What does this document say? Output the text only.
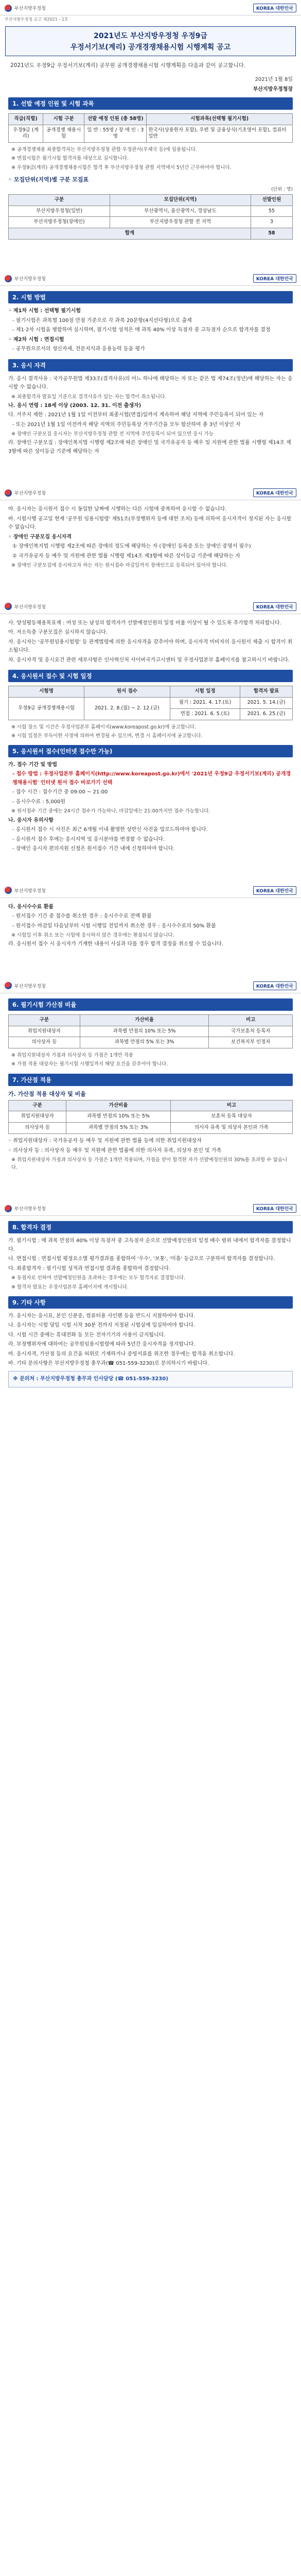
부산지방우정청	KOREA 대한민국
부산지방우정청 공고 제2021 - 1호
2021년도 부산지방우정청 우정9급
우정서기보(계리) 공개경쟁채용시험 시행계획 공고

2021년도 우정9급 우정서기보(계리) 공무원 공개경쟁채용시험 시행계획을 다음과 같이 공고합니다.

2021년 1월 8일
부산지방우정청장
1. 선발 예정 인원 및 시험 과목
직급(직렬)	시험 구분	선발 예정 인원 (총 58명)	시험과목(선택형 필기시험)
우정9급 (계리)	공개경쟁 채용시험	일 반 : 55명 / 장 애 인 : 3명	한국사(상용한자 포함), 우편 및 금융상식(기초영어 포함), 컴퓨터 일반
※ 공개경쟁채용 최종합격자는 부산지방우정청 관할 우정관서(우체국 등)에 임용됩니다.
※ 면접시험은 필기시험 합격자를 대상으로 실시합니다.
※ 우정9급(계리) 공개경쟁채용시험은 합격 후 부산지방우정청 관할 지역에서 5년간 근무하여야 합니다.
◦ 모집단위(지역)별 구분 모집표
(단위 : 명)
구분	모집단위(지역)	선발인원
부산지방우정청(일반)	부산광역시, 울산광역시, 경상남도	55
부산지방우정청(장애인)	부산지방우정청 관할 전 지역	3
합계		58
부산지방우정청	KOREA 대한민국
2. 시험 방법

◦ 제1차 시험 : 선택형 필기시험

- 필기시험은 과목별 100점 만점 기준으로 각 과목 20문항(4지선다형)으로 출제

- 제1·2차 시험을 병합하여 실시하며, 필기시험 성적은 매 과목 40% 이상 득점자 중 고득점자 순으로 합격자를 결정

◦ 제2차 시험 : 면접시험

- 공무원으로서의 정신자세, 전문지식과 응용능력 등을 평가

3. 응시 자격

가. 응시 결격사유 : 국가공무원법 제33조(결격사유)의 어느 하나에 해당하는 자 또는 같은 법 제74조(정년)에 해당하는 자는 응시할 수 없습니다.

※ 최종합격자 발표일 기준으로 결격사유가 있는 자는 합격이 취소됩니다.

나. 응시 연령 : 18세 이상 (2003. 12. 31. 이전 출생자)

다. 거주지 제한 : 2021년 1월 1일 이전부터 최종시험(면접)일까지 계속하여 해당 지역에 주민등록이 되어 있는 자

- 또는 2021년 1월 1일 이전까지 해당 지역의 주민등록상 거주기간을 모두 합산하여 총 3년 이상인 자

※ 장애인 구분모집 응시자는 부산지방우정청 관할 전 지역에 주민등록이 되어 있으면 응시 가능

라. 장애인 구분모집 : 장애인복지법 시행령 제2조에 따른 장애인 및 국가유공자 등 예우 및 지원에 관한 법률 시행령 제14조 제3항에 따른 상이등급 기준에 해당하는 자

부산지방우정청	KOREA 대한민국

마. 응시자는 응시원서 접수 시 동일한 날짜에 시행하는 다른 시험에 중복하여 응시할 수 없습니다.

바. 시험시행 공고일 현재 '공무원 임용시험령' 제51조(부정행위자 등에 대한 조치) 등에 의하여 응시자격이 정지된 자는 응시할 수 없습니다.

◦ 장애인 구분모집 응시자격

① 장애인복지법 시행령 제2조에 따른 장애의 정도에 해당하는 자 (장애인 등록증 또는 장애인 증명서 필수)

② 국가유공자 등 예우 및 지원에 관한 법률 시행령 제14조 제3항에 따른 상이등급 기준에 해당하는 자

※ 장애인 구분모집에 응시하고자 하는 자는 원서접수 마감일까지 장애인으로 등록되어 있어야 합니다.

부산지방우정청	KOREA 대한민국

사. 양성평등채용목표제 : 여성 또는 남성의 합격자가 선발예정인원의 일정 비율 이상이 될 수 있도록 추가합격 처리합니다.

아. 저소득층 구분모집은 실시하지 않습니다.

자. 응시자는 '공무원임용시험령' 등 관계법령에 의한 응시자격을 갖추어야 하며, 응시자격 미비자의 응시원서 제출 시 합격이 취소됩니다.

차. 응시자격 및 응시요건 관련 세부사항은 인사혁신처 사이버국가고시센터 및 우정사업본부 홈페이지를 참고하시기 바랍니다.

4. 응시원서 접수 및 시험 일정
시험명	원서 접수	시험 일정	합격자 발표
우정9급 공개경쟁채용시험	2021. 2. 8.(월) ~ 2. 12.(금)	필기 : 2021. 4. 17.(토)	2021. 5. 14.(금)
		면접 : 2021. 6. 5.(토)	2021. 6. 25.(금)
※ 시험 장소 및 시간은 우정사업본부 홈페이지(www.koreapost.go.kr)에 공고합니다.
※ 시험 일정은 부득이한 사정에 의하여 변경될 수 있으며, 변경 시 홈페이지에 공고합니다.
5. 응시원서 접수(인터넷 접수만 가능)

가. 접수 기간 및 방법

- 접수 방법 : 우정사업본부 홈페이지(http://www.koreapost.go.kr)에서 '2021년 우정9급 우정서기보(계리) 공개경쟁채용시험' 인터넷 원서 접수 바로가기 선택

- 접수 시간 : 접수기간 중 09:00 ~ 21:00

- 응시수수료 : 5,000원

※ 원서접수 기간 중에는 24시간 접수가 가능하나, 마감일에는 21:00까지만 접수 가능합니다.

나. 응시자 유의사항

- 응시원서 접수 시 사진은 최근 6개월 이내 촬영한 상반신 사진을 업로드하여야 합니다.

- 응시원서 접수 후에는 응시지역 및 응시분야를 변경할 수 없습니다.

- 장애인 응시자 편의지원 신청은 원서접수 기간 내에 신청하여야 합니다.

부산지방우정청	KOREA 대한민국

다. 응시수수료 환불

- 원서접수 기간 중 접수를 취소한 경우 : 응시수수료 전액 환불

- 원서접수 마감일 다음날부터 시험 시행일 전일까지 취소한 경우 : 응시수수료의 50% 환불

※ 시험일 이후 취소 또는 시험에 응시하지 않은 경우에는 환불되지 않습니다.

라. 응시원서 접수 시 응시자가 기재한 내용이 사실과 다를 경우 합격 결정을 취소할 수 있습니다.

부산지방우정청	KOREA 대한민국
6. 필기시험 가산점 비율
구분	가산비율	비고
취업지원대상자	과목별 만점의 10% 또는 5%	국가보훈처 등록자
의사상자 등	과목별 만점의 5% 또는 3%	보건복지부 인정자
※ 취업지원대상자 가점과 의사상자 등 가점은 1개만 적용
※ 가점 적용 대상자는 필기시험 시행일까지 해당 요건을 갖추어야 합니다.
7. 가산점 적용
가. 가산점 적용 대상자 및 비율
구분	가산비율	비고
취업지원대상자	과목별 만점의 10% 또는 5%	보훈처 등록 대상자
의사상자 등	과목별 만점의 5% 또는 3%	의사자 유족 및 의상자 본인과 가족

◦ 취업지원대상자 : 국가유공자 등 예우 및 지원에 관한 법률 등에 의한 취업지원대상자

◦ 의사상자 등 : 의사상자 등 예우 및 지원에 관한 법률에 의한 의사자 유족, 의상자 본인 및 가족

※ 취업지원대상자 가점과 의사상자 등 가점은 1개만 적용되며, 가점을 받아 합격한 자가 선발예정인원의 30%를 초과할 수 없습니다.

부산지방우정청	KOREA 대한민국
8. 합격자 결정

가. 필기시험 : 매 과목 만점의 40% 이상 득점자 중 고득점자 순으로 선발예정인원의 일정 배수 범위 내에서 합격자를 결정합니다.

나. 면접시험 : 면접시험 평정요소별 평가결과를 종합하여 '우수', '보통', '미흡' 등급으로 구분하여 합격자를 결정합니다.

다. 최종합격자 : 필기시험 성적과 면접시험 결과를 종합하여 결정합니다.

※ 동점자로 인하여 선발예정인원을 초과하는 경우에는 모두 합격자로 결정합니다.

※ 합격자 발표는 우정사업본부 홈페이지에 게시합니다.

9. 기타 사항

가. 응시자는 응시표, 본인 신분증, 컴퓨터용 사인펜 등을 반드시 지참하여야 합니다.

나. 응시자는 시험 당일 시험 시작 30분 전까지 지정된 시험실에 입실하여야 합니다.

다. 시험 시간 중에는 휴대전화 등 모든 전자기기의 사용이 금지됩니다.

라. 부정행위자에 대하여는 공무원임용시험령에 따라 5년간 응시자격을 정지합니다.

마. 응시자격, 가산점 등의 요건을 허위로 기재하거나 증빙서류를 위조한 경우에는 합격을 취소합니다.

바. 기타 문의사항은 부산지방우정청 총무과(☎ 051-559-3230)로 문의하시기 바랍니다.

※ 문의처 : 부산지방우정청 총무과 인사담당 (☎ 051-559-3230)
